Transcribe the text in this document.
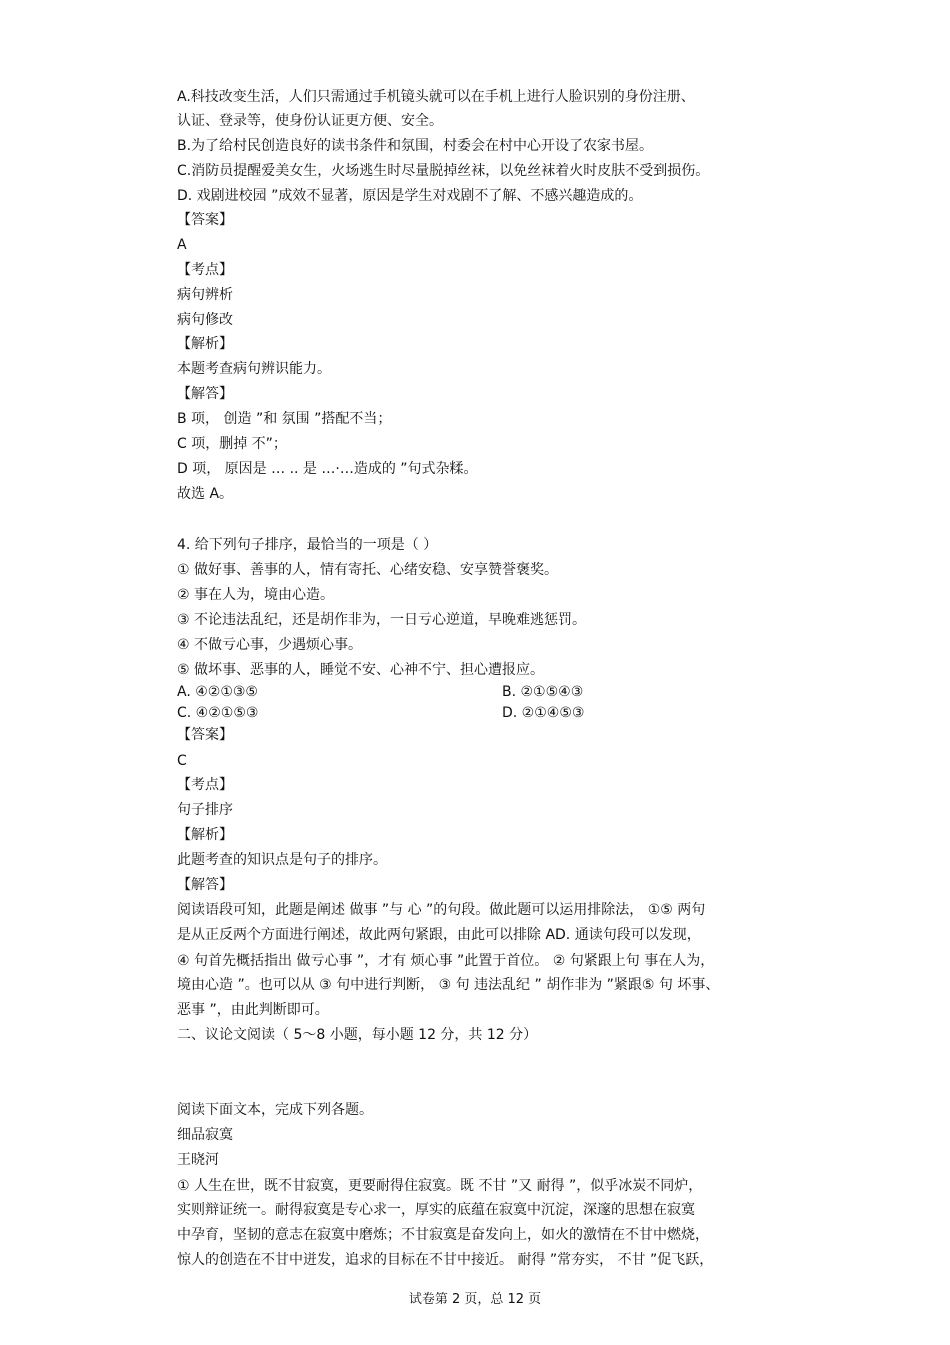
A.科技改变生活，人们只需通过手机镜头就可以在手机上进行人脸识别的身份注册、
认证、登录等，使身份认证更方便、安全。
B.为了给村民创造良好的读书条件和氛围，村委会在村中心开设了农家书屋。
C.消防员提醒爱美女生，火场逃生时尽量脱掉丝袜，以免丝袜着火时皮肤不受到损伤。
D. 戏剧进校园 ”成效不显著，原因是学生对戏剧不了解、不感兴趣造成的。
【答案】
A
【考点】
病句辨析
病句修改
【解析】
本题考查病句辨识能力。
【解答】
B 项， 创造 ”和 氛围 ”搭配不当；
C 项，删掉 不”；
D 项， 原因是 … .. 是 …·…造成的 ”句式杂糅。
故选 A。
4. 给下列句子排序，最恰当的一项是（ ）
① 做好事、善事的人，情有寄托、心绪安稳、安享赞誉褒奖。
② 事在人为，境由心造。
③ 不论违法乱纪，还是胡作非为，一日亏心逆道，早晚难逃惩罚。
④ 不做亏心事，少遇烦心事。
⑤ 做坏事、恶事的人，睡觉不安、心神不宁、担心遭报应。
A. ④②①③⑤	B. ②①⑤④③
C. ④②①⑤③	D. ②①④⑤③
【答案】
C
【考点】
句子排序
【解析】
此题考查的知识点是句子的排序。
【解答】
阅读语段可知，此题是阐述 做事 ”与 心 ”的句段。做此题可以运用排除法， ①⑤ 两句
是从正反两个方面进行阐述，故此两句紧跟，由此可以排除 AD. 通读句段可以发现，
④ 句首先概括指出 做亏心事 ”，才有 烦心事 ”此置于首位。 ② 句紧跟上句 事在人为，
境由心造 ”。也可以从 ③ 句中进行判断， ③ 句 违法乱纪 ” 胡作非为 ”紧跟⑤ 句 坏事、
恶事 ”，由此判断即可。
二、议论文阅读（ 5～8 小题，每小题 12 分，共 12 分）
阅读下面文本，完成下列各题。
细品寂寞
王晓河
① 人生在世，既不甘寂寞，更要耐得住寂寞。既 不甘 ”又 耐得 ”，似乎冰炭不同炉，
实则辩证统一。耐得寂寞是专心求一，厚实的底蕴在寂寞中沉淀，深邃的思想在寂寞
中孕育，坚韧的意志在寂寞中磨炼；不甘寂寞是奋发向上，如火的激情在不甘中燃烧，
惊人的创造在不甘中迸发，追求的目标在不甘中接近。 耐得 ”常夯实， 不甘 ”促飞跃，
试卷第 2 页，总 12 页
